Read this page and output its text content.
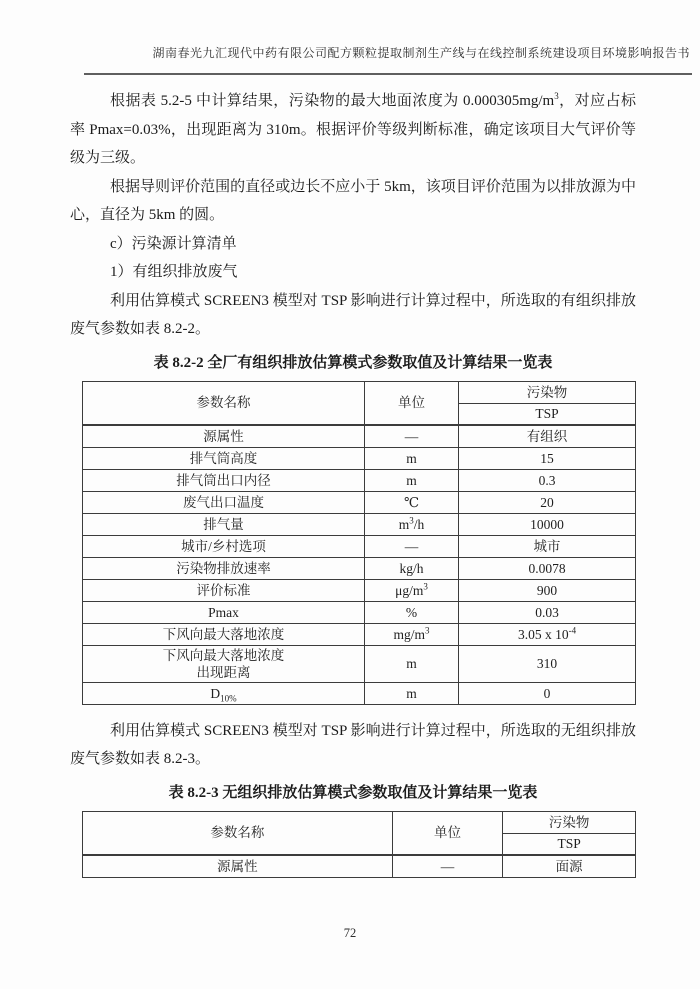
湖南春光九汇现代中药有限公司配方颗粒提取制剂生产线与在线控制系统建设项目环境影响报告书

根据表 5.2-5 中计算结果，污染物的最大地面浓度为 $0.000305mg/m^3$，对应占标率 Pmax=0.03%，出现距离为 310m。根据评价等级判断标准，确定该项目大气评价等级为三级。

根据导则评价范围的直径或边长不应小于 5km，该项目评价范围为以排放源为中心，直径为 5km 的圆。

c）污染源计算清单

1）有组织排放废气

利用估算模式 SCREEN3 模型对 TSP 影响进行计算过程中，所选取的有组织排放废气参数如表 8.2-2。

表 8.2-2 全厂有组织排放估算模式参数取值及计算结果一览表

参数名称	单位	污染物
		TSP
源属性	—	有组织
排气筒高度	m	15
排气筒出口内径	m	0.3
废气出口温度	℃	20
排气量	$m^3/h$	10000
城市/乡村选项	—	城市
污染物排放速率	kg/h	0.0078
评价标准	$\mu g/m^3$	900
Pmax	%	0.03
下风向最大落地浓度	$mg/m^3$	3.05 x $10^{-4}$
下风向最大落地浓度
出现距离	m	310
$D_{10\%}$	m	0

利用估算模式 SCREEN3 模型对 TSP 影响进行计算过程中，所选取的无组织排放废气参数如表 8.2-3。

表 8.2-3 无组织排放估算模式参数取值及计算结果一览表

参数名称	单位	污染物
		TSP
源属性	—	面源
72
